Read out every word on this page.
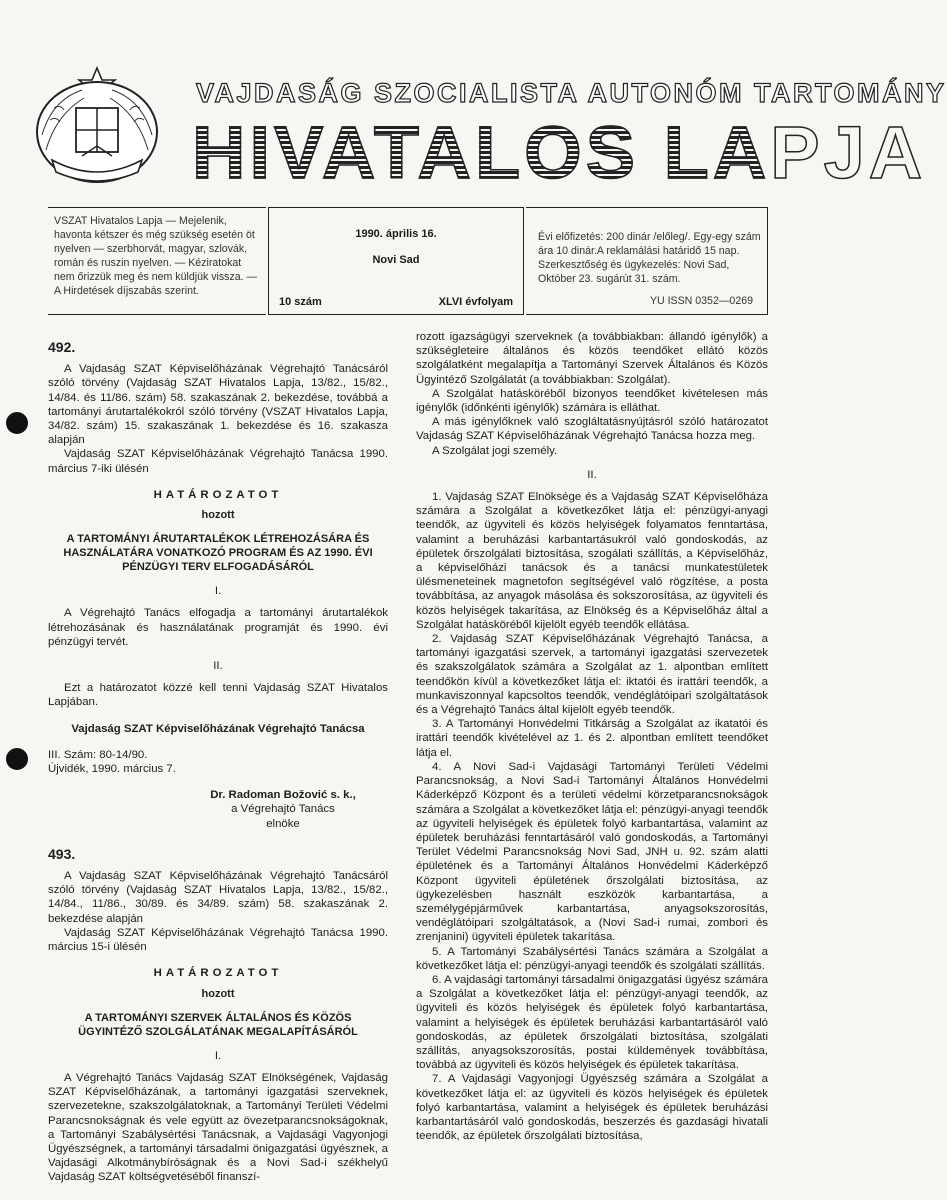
VAJDASÁG SZOCIALISTA AUTONÓM TARTOMÁNY
HIVATALOS LAPJA
VSZAT Hivatalos Lapja — Mejelenik, havonta kétszer és még szükség esetén öt nyelven — szerbhorvát, magyar, szlovák, román és ruszin nyelven. — Kéziratokat nem őrizzük meg és nem küldjük vissza. — A Hirdetések díjszabás szerint.
1990. április 16.
Novi Sad
10 szám	XLVI évfolyam
Évi előfizetés: 200 dinár /előleg/. Egy-egy szám ára 10 dinár.A reklamálási határidő 15 nap. Szerkesztőség és ügykezelés: Novi Sad, Október 23. sugárút 31. szám.
YU ISSN 0352—0269
492.

A Vajdaság SZAT Képviselőházának Végrehajtó Tanácsáról szóló törvény (Vajdaság SZAT Hivatalos Lapja, 13/82., 15/82., 14/84. és 11/86. szám) 58. szakaszának 2. bekezdése, továbbá a tartományi árutartalékokról szóló törvény (VSZAT Hivatalos Lapja, 34/82. szám) 15. szakaszának 1. bekezdése és 16. szakasza alapján

Vajdaság SZAT Képviselőházának Végrehajtó Tanácsa 1990. március 7-iki ülésén

HATÁROZATOT
hozott
A TARTOMÁNYI ÁRUTARTALÉKOK LÉTREHOZÁSÁRA ÉS HASZNÁLATÁRA VONATKOZÓ PROGRAM ÉS AZ 1990. ÉVI PÉNZÜGYI TERV ELFOGADÁSÁRÓL
I.

A Végrehajtó Tanács elfogadja a tartományi árutartalékok létrehozásának és használatának programját és 1990. évi pénzügyi tervét.

II.

Ezt a határozatot közzé kell tenni Vajdaság SZAT Hivatalos Lapjában.

Vajdaság SZAT Képviselőházának Végrehajtó Tanácsa

III. Szám: 80-14/90.

Újvidék, 1990. március 7.

Dr. Radoman Božović s. k.,
a Végrehajtó Tanács
elnöke
493.

A Vajdaság SZAT Képviselőházának Végrehajtó Tanácsáról szóló törvény (Vajdaság SZAT Hivatalos Lapja, 13/82., 15/82., 14/84., 11/86., 30/89. és 34/89. szám) 58. szakaszának 2. bekezdése alapján

Vajdaság SZAT Képviselőházának Végrehajtó Tanácsa 1990. március 15-i ülésén

HATÁROZATOT
hozott
A TARTOMÁNYI SZERVEK ÁLTALÁNOS ÉS KÖZÖS ÜGYINTÉZŐ SZOLGÁLATÁNAK MEGALAPÍTÁSÁRÓL
I.

A Végrehajtó Tanács Vajdaság SZAT Elnökségének, Vajdaság SZAT Képviselőházának, a tartományi igazgatási szerveknek, szervezetekne, szakszolgálatoknak, a Tartományi Területi Védelmi Parancsnokságnak és vele együtt az övezetparancsnokságoknak, a Tartományi Szabálysértési Tanácsnak, a Vajdasági Vagyonjogi Ügyészségnek, a tartományi társadalmi önigazgatási ügyésznek, a Vajdasági Alkotmánybíróságnak és a Novi Sad-i székhelyű Vajdaság SZAT költségvetéséből finanszí-

rozott igazságügyi szerveknek (a továbbiakban: állandó igénylők) a szükségleteire általános és közös teendőket ellátó közös szolgálatként megalapítja a Tartományi Szervek Általános és Közös Ügyintéző Szolgálatát (a továbbiakban: Szolgálat).

A Szolgálat hatásköréből bizonyos teendőket kivételesen más igénylők (időnkénti igénylők) számára is elláthat.

A más igénylőknek való szogláltatásnyújtásról szóló határozatot Vajdaság SZAT Képviselőházának Végrehajtó Tanácsa hozza meg.

A Szolgálat jogi személy.

II.

1. Vajdaság SZAT Elnöksége és a Vajdaság SZAT Képviselőháza számára a Szolgálat a következőket látja el: pénzügyi-anyagi teendők, az ügyviteli és közös helyiségek folyamatos fenntartása, valamint a beruházási karbantartásukról való gondoskodás, az épületek őrszolgálati biztosítása, szogálati szállítás, a Képviselőház, a képviselőházi tanácsok és a tanácsi munkatestületek ülésmeneteinek magnetofon segítségével való rögzítése, a posta továbbítása, az anyagok másolása és sokszorosítása, az ügyviteli és közös helyiségek takarítása, az Elnökség és a Képviselőház által a Szolgálat hatásköréből kijelölt egyéb teendők ellátása.

2. Vajdaság SZAT Képviselőházának Végrehajtó Tanácsa, a tartományi igazgatási szervek, a tartományi igazgatási szervezetek és szakszolgálatok számára a Szolgálat az 1. alpontban említett teendőkön kívül a következőket látja el: iktatói és irattári teendők, a munkaviszonnyal kapcsoltos teendők, vendéglátóipari szolgáltatások és a Végrehajtó Tanács által kijelölt egyéb teendők.

3. A Tartományi Honvédelmi Titkárság a Szolgálat az ikatatói és irattári teendők kivételével az 1. és 2. alpontban említett teendőket látja el.

4. A Novi Sad-i Vajdasági Tartományi Területi Védelmi Parancsnokság, a Novi Sad-i Tartományi Általános Honvédelmi Káderképző Központ és a területi védelmi körzetparancsnokságok számára a Szolgálat a következőket látja el: pénzügyi-anyagi teendők az ügyviteli helyiségek és épületek folyó karbantartása, valamint az épületek beruházási fenntartásáról való gondoskodás, a Tartományi Terület Védelmi Parancsnokság Novi Sad, JNH u. 92. szám alatti épületének és a Tartományi Általános Honvédelmi Káderképző Központ ügyviteli épületének őrszolgálati biztosítása, az ügykezelésben használt eszközök karbantartása, a személygépjárművek karbantartása, anyagsokszorosítás, vendéglátóipari szolgáltatások, a (Novi Sad-i rumai, zombori és zrenjanini) ügyviteli épületek takarítása.

5. A Tartományi Szabálysértési Tanács számára a Szolgálat a következőket látja el: pénzügyi-anyagi teendők és szolgálati szállítás.

6. A vajdasági tartományi társadalmi önigazgatási ügyész számára a Szolgálat a következőket látja el: pénzügyi-anyagi teendők, az ügyviteli és közös helyiségek és épületek folyó karbantartása, valamint a helyiségek és épületek beruházási karbantartásáról való gondoskodás, az épületek őrszolgálati biztosítása, szolgálati szállítás, anyagsokszorosítás, postai küldemények továbbítása, továbbá az ügyviteli és közös helyiségek és épületek takarítása.

7. A Vajdasági Vagyonjogi Ügyészség számára a Szolgálat a következőket látja el: az ügyviteli és közös helyiségek és épületek folyó karbantartása, valamint a helyiségek és épületek beruházási karbantartásáról való gondoskodás, beszerzés és gazdasági hivatali teendők, az épületek őrszolgálati biztosítása,
